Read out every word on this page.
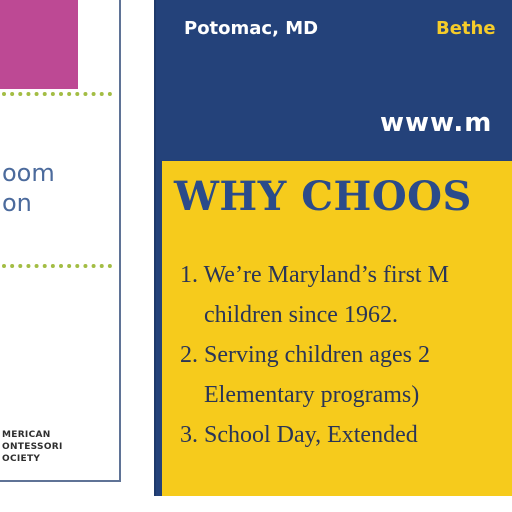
oom
on
MERICAN
ONTESSORI
OCIETY
Potomac, MD	Bethe
www.m
WHY CHOOS
1. We’re Maryland’s first M
children since 1962.
2. Serving children ages 2
Elementary programs)
3. School Day, Extended
